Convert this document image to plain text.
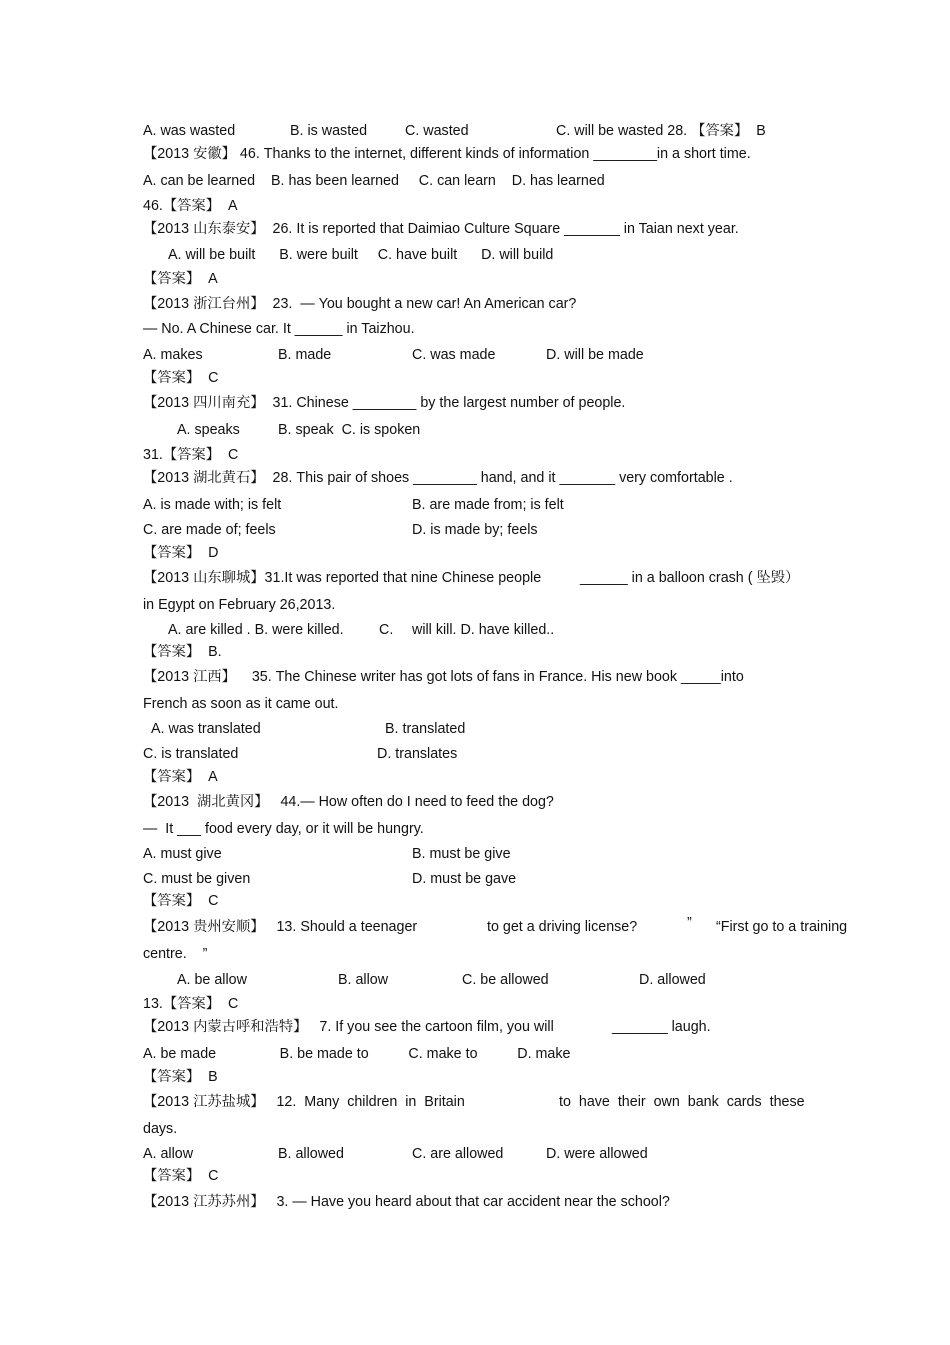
A. was wasted	B. is wasted	C. wasted	C. will be wasted 28. 【答案】  B
【2013 安徽】 46. Thanks to the internet, different kinds of information ________in a short time.
A. can be learned    B. has been learned     C. can learn    D. has learned
46.【答案】  A
【2013 山东泰安】  26. It is reported that Daimiao Culture Square _______ in Taian next year.
A. will be built      B. were built     C. have built      D. will build
【答案】  A
【2013 浙江台州】  23.  — You bought a new car! An American car?
— No. A Chinese car. It ______ in Taizhou.
A. makes	B. made	C. was made	D. will be made
【答案】  C
【2013 四川南充】  31. Chinese ________ by the largest number of people.
A. speaks	B. speak  C. is spoken
31.【答案】  C
【2013 湖北黄石】  28. This pair of shoes ________ hand, and it _______ very comfortable .
A. is made with; is felt	B. are made from; is felt
C. are made of; feels	D. is made by; feels
【答案】  D
【2013 山东聊城】31.It was reported that nine Chinese people	______ in a balloon crash ( 坠毁）
in Egypt on February 26,2013.
A. are killed . B. were killed. C. will kill. D. have killed..
【答案】  B.
【2013 江西】    35. The Chinese writer has got lots of fans in France. His new book _____into
French as soon as it came out.
A. was translated	B. translated
C. is translated	D. translates
【答案】  A
【2013  湖北黄冈】   44.— How often do I need to feed the dog?
—  It ___ food every day, or it will be hungry.
A. must give	B. must be give
C. must be given	D. must be gave
【答案】  C
【2013 贵州安顺】   13. Should a teenager	to get a driving license?	” “First go to a training
centre.    ”
A. be allow	B. allow	C. be allowed	D. allowed
13.【答案】  C
【2013 内蒙古呼和浩特】   7. If you see the cartoon film, you will	_______ laugh.
A. be made                B. be made to          C. make to          D. make
【答案】  B
【2013 江苏盐城】   12.  Many  children  in  Britain	to  have  their  own  bank  cards  these
days.
A. allow	B. allowed	C. are allowed	D. were allowed
【答案】  C
【2013 江苏苏州】   3. — Have you heard about that car accident near the school?
